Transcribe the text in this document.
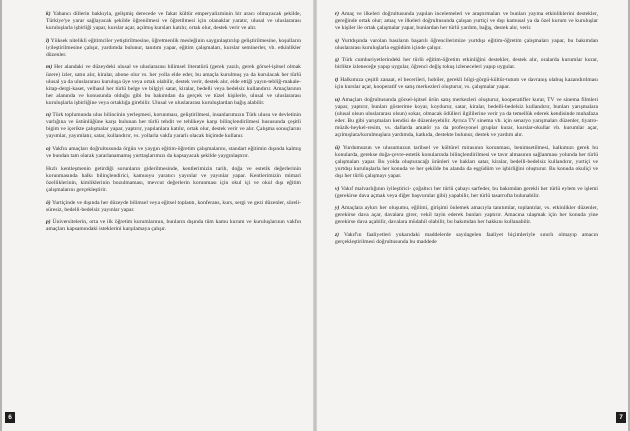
k) Yabancı dillerin bakkıyla, gelişmiş derecede ve fakat kültür emperyalizminin bir aracı olmayacak şekilde, Türkiye'ye yarar sağlayacak şekilde öğrenilmesi ve öğretilmesi için olanaklar yaratır, ulusal ve uluslararası kuruluşlarla işbirliği yapar, kurslar açar, açılmış kursları katılır, ortak olur, destek verir ve alır.

l) Yüksek nitelikli eğitimciler yetiştirilmesine, öğretmenlik mesleğinin saygınlaştırılıp geliştirilmesine, koşulların iyileştirilmesine çalışır, yardımda bulunur, tanıtım yapar, eğitim çalışmaları, kurslar seminerler, vb. etkinlikler düzenler.

m) Her alandaki ve düzeydeki ulusal ve uluslararası bilimsel literatürü (gerek yazılı, gerek görsel-işitsel olmak üzere) izler, satın alır, kiralar, abone olur vs. her yolla elde eder, bu amaçla kurulmuş ya da kurulacak her türlü ulusal ya da uluslararası kuruluşa üye veya ortak olabilir, destek verir, destek alır, elde ettiği yayın-tebliğ-makale-kitap-dergi-kaset, velhasıl her türlü belge ve bilgiyi satar, kiralar, bedelli veya bedelsiz kullandırır. Amaçlarının her alanında ve konusunda olduğu gibi bu bakımdan da gerçek ve tüzel kişilerle, ulusal ve uluslararası kuruluşlarla işbirliğine veya ortaklığa girebilir. Ulusal ve uluslararası kuruluşlardan bağış alabilir.

n) Türk toplumunda ulus bilincinin yerleşmesi, korunması, geliştirilmesi, insanlarımızın Türk ulusu ve devletinin varlığına ve üstünlüğüne karşı bulunan her türlü tehdit ve tehlikeye karşı bilinçlendirilmesi hususunda çeşitli bigim ve içerikte çalışmalar yapar, yaptırır, yapılanlara katılır, ortak olur, destek verir ve alır. Çalışma sonuçlarını yayımlar, yayımlatır, satar, kullandırır, vs. yollarla vakfa yararlı olacak biçimde kullanır.

o) Vakfın amaçları doğrultusunda örgün ve yaygın eğitim-öğretim çalışmalarını, standart eğitimin dışında kalmış ve bundan tam olarak yararlanamamış yurttaşlarımızı da kapsayacak şekilde yaygınlaştırır.

Hızlı kentleşmenin getirdiği sorunların giderilmesinde, kentlerimizin tarih, doğa ve estetik değerlerinin korunmasında halkı bilinçlendirici, kamuoyu yaratıcı yayınlar ve yayınlar yapar. Kentlerimizin mimari özelliklerinin, kimliklerinin bozulmaması, mevcut değerlerin korunması için okul içi ve okul dışı eğitim çalışmalarını gerçekleştirir.

ö) Yurtiçinde ve dışında her düzeyde bilimsel veya eğitsel toplantı, konferans, kurs, sergi ve gezi düzenler, süreli-süresiz, bedelli-bedelsiz yayınlar yapar.

p) Üniversitelerin, orta ve ilk öğretim kurumlarının, bunların dışında tüm kamu kurum ve kuruluşlarının vakfın amaçları kapsamındaki isteklerini karşılamaya çalışır.

r) Amaç ve ilkeleri doğrultusunda yapılan incelemeleri ve araştırmaları ve bunları yayma etkinliklerini destekler, gereğinde ortak olur; amaç ve ilkeleri doğrultusunda çalışan yurtiçi ve dışı kamusal ya da özel kurum ve kuruluşlar ve kişiler ile ortak çalışmalar yapar, bunlardan her türlü yardım, bağış, destek alır, verir.

s) Yurtdışında varolan basıların başarılı öğrencilerimize yurtdışı eğitim-öğretim çalışmaları yapar, bu bakımdan uluslararası kuruluşlarla eşgüdüm içinde çalışır.

ş) Türk cumhuriyetlerindeki her türlü eğitim-öğretim etkinliğini destekler, destek alır, oralarda kurumlar kurar, birlikte izleneceğe yapıp uygular, öğrenci değiş tokuş izleneceleri yapıp uygular.

t) Halkımıza çeşitli zanaat, el becerileri, hobiler, gerekli bilgi-görgü-kültür-tutum ve davranış olabuş kazandırılması için kurslar açar, kooperatif ve satış merkezleri oluşturur, vs. çalışmalar yapar.

u) Amaçları doğrultusunda görsel-işitsel ürün satış merkezleri oluşturur, kooperatifler kurar, TV ve sinema filmleri yapar, yaptırır, bunları gösterime koyar, koydurur, satar, kiralar, bedelli-bedelsiz kullandırır, bunları yarışmalara (ulusal olsun uluslararası olsun) sokar, olmacak ödülleri ilgililerine verir ya da temellük ederek kendisinde muhafaza eder. Bu gibi yarışmaları kendisi de düzenleyebilir. Ayrıca TV sinema vb. için senaryo yarışmaları düzenler, tiyatro-müzik-heykel-resim, vs. dallarda amatör ya da profesyonel gruplar kurar, kurslar-okullar vb. kurumlar açar, açılmışlara/kurulmuşlara yardımda, katkıda, destekte bulunur, destek ve yardım alır.

ü) Yurdumuzun ve ulusumuzun tarihsel ve kültürel mirasının korunması, benimsetilmesi, halkımızı gerek bu konularda, gerekse doğa-çevre-estetik konularında bilinçlendirilmesi ve tavır almasının sağlanması yolunda her türlü çalışmaları yapar. Bu yolda oluşturacağı ürünleri ve hakları satar, kiralar, bedelli-bedelsiz kullandırır, yurtiçi ve yurtdışı kuruluşlarla her konuda ve her şekilde bu alanda da eşgüdüm ve işbirliğini oluşturur. Bu konuda okuliçi ve dışı her türlü çalışmayı yapar.

v) Vakıf malvarlığının iyileştirici- çoğaltıcı her türlü çabayı sarfeder, bu bakımdan gerekli her türlü eylem ve işlemi (gerekirse dava açmak veya diğer başvurular gibi) yapabilir, her türlü tasarrufta bulunabilir.

y) Amaçlara aykırı her oluşumu, eğilimi, girişimi önlemek amacıyla tanıtımlar, toplantılar, vs. etkinlikler düzenler, gerekirse dava açar, davalara girer, vekil tayin ederek bunları yaptırır. Amacına ulaşmak için her konuda yine gerekirse dava açabilir, davalara müdahil olabilir, bu bakımdan her hakkını kullanabilir.

z) Vakıf'ın faaliyetleri yukarıdaki maddelerde sayılagelen faaliyet biçimleriyle sınırlı olmayıp amacın gerçekleştirilmesi doğrultusunda bu maddede

6	7
